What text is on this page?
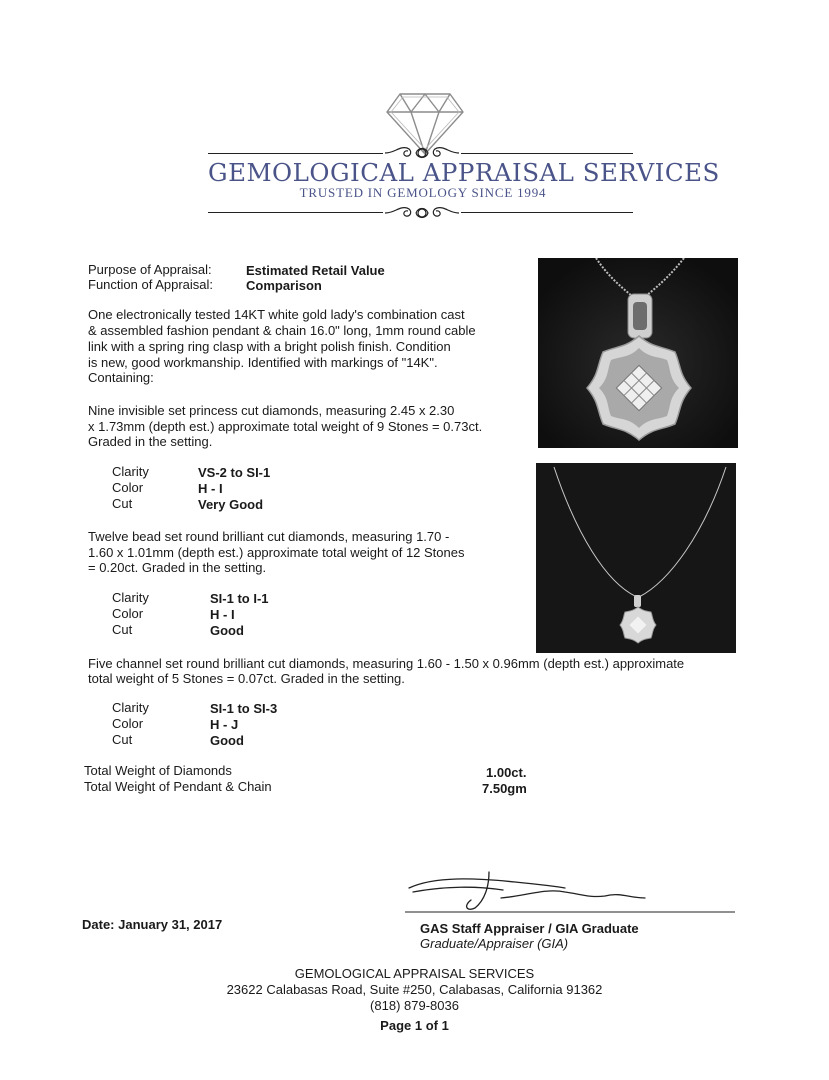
GEMOLOGICAL APPRAISAL SERVICES
TRUSTED IN GEMOLOGY SINCE 1994
Purpose of Appraisal:	Estimated Retail Value
Function of Appraisal:	Comparison
One electronically tested 14KT white gold lady's combination cast
& assembled fashion pendant & chain 16.0" long, 1mm round cable
link with a spring ring clasp with a bright polish finish. Condition
is new, good workmanship. Identified with markings of "14K".
Containing:
Nine invisible set princess cut diamonds, measuring 2.45 x 2.30
x 1.73mm (depth est.) approximate total weight of 9 Stones = 0.73ct.
Graded in the setting.
Clarity	VS-2 to SI-1
Color	H - I
Cut	Very Good
Twelve bead set round brilliant cut diamonds, measuring 1.70 -
1.60 x 1.01mm (depth est.) approximate total weight of 12 Stones
= 0.20ct. Graded in the setting.
Clarity	SI-1 to I-1
Color	H - I
Cut	Good
Five channel set round brilliant cut diamonds, measuring 1.60 - 1.50 x 0.96mm (depth est.) approximate
total weight of 5 Stones = 0.07ct. Graded in the setting.
Clarity	SI-1 to SI-3
Color	H - J
Cut	Good
Total Weight of Diamonds	1.00ct.
Total Weight of Pendant & Chain	7.50gm
Date: January 31, 2017	GAS Staff Appraiser / GIA Graduate
Graduate/Appraiser (GIA)
GEMOLOGICAL APPRAISAL SERVICES
23622 Calabasas Road, Suite #250, Calabasas, California 91362
(818) 879-8036
Page 1 of 1
